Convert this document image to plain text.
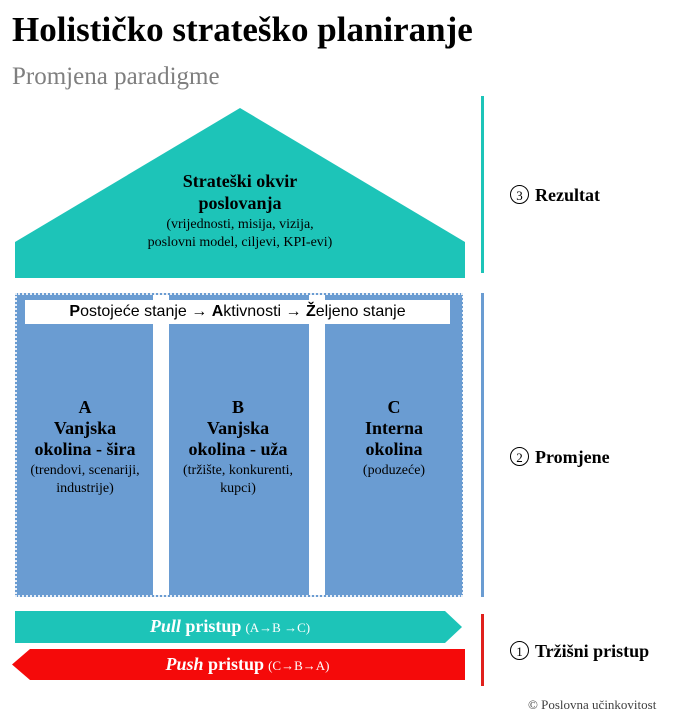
Holističko strateško planiranje
Promjena paradigme
Strateški okvir
poslovanja
(vrijednosti, misija, vizija,
poslovni model, ciljevi, KPI-evi)
A
Vanjska
okolina - šira
(trendovi, scenariji,
industrije)
B
Vanjska
okolina - uža
(tržište, konkurenti,
kupci)
C
Interna
okolina
(poduzeće)
Postojeće stanje → Aktivnosti → Željeno stanje
Pull pristup (A→B →C)
Push pristup (C→B→A)
3 Rezultat
2 Promjene
1 Tržišni pristup
© Poslovna učinkovitost
